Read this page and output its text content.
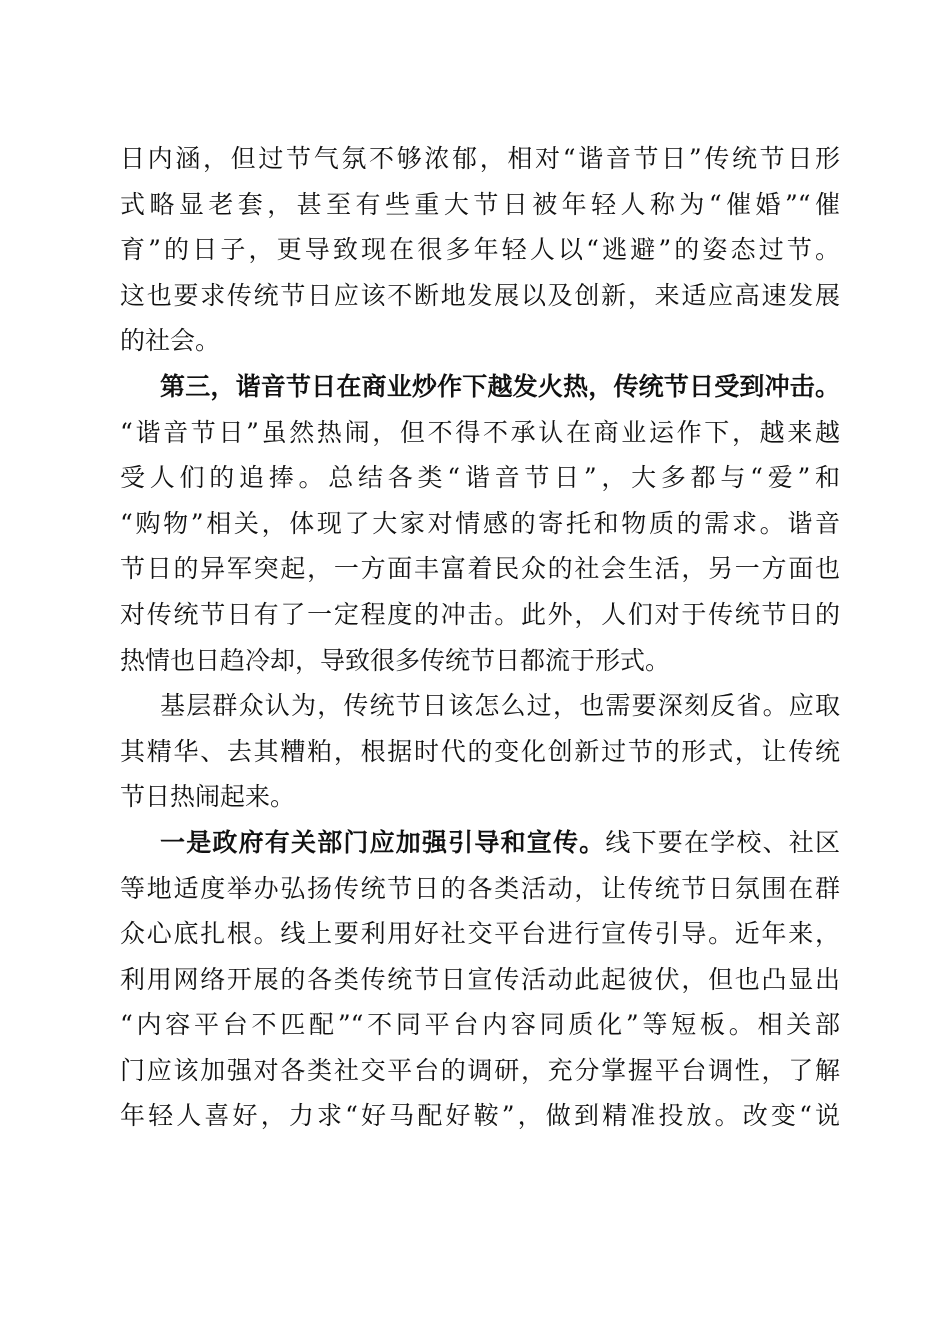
日内涵，但过节气氛不够浓郁，相对“谐音节日”传统节日形
式略显老套，甚至有些重大节日被年轻人称为“催婚”“催
育”的日子，更导致现在很多年轻人以“逃避”的姿态过节。
这也要求传统节日应该不断地发展以及创新，来适应高速发展
的社会。
第三，谐音节日在商业炒作下越发火热，传统节日受到冲击。
“谐音节日”虽然热闹，但不得不承认在商业运作下，越来越
受人们的追捧。总结各类“谐音节日”，大多都与“爱”和
“购物”相关，体现了大家对情感的寄托和物质的需求。谐音
节日的异军突起，一方面丰富着民众的社会生活，另一方面也
对传统节日有了一定程度的冲击。此外，人们对于传统节日的
热情也日趋冷却，导致很多传统节日都流于形式。
基层群众认为，传统节日该怎么过，也需要深刻反省。应取
其精华、去其糟粕，根据时代的变化创新过节的形式，让传统
节日热闹起来。
一是政府有关部门应加强引导和宣传。线下要在学校、社区
等地适度举办弘扬传统节日的各类活动，让传统节日氛围在群
众心底扎根。线上要利用好社交平台进行宣传引导。近年来，
利用网络开展的各类传统节日宣传活动此起彼伏，但也凸显出
“内容平台不匹配”“不同平台内容同质化”等短板。相关部
门应该加强对各类社交平台的调研，充分掌握平台调性，了解
年轻人喜好，力求“好马配好鞍”，做到精准投放。改变“说
